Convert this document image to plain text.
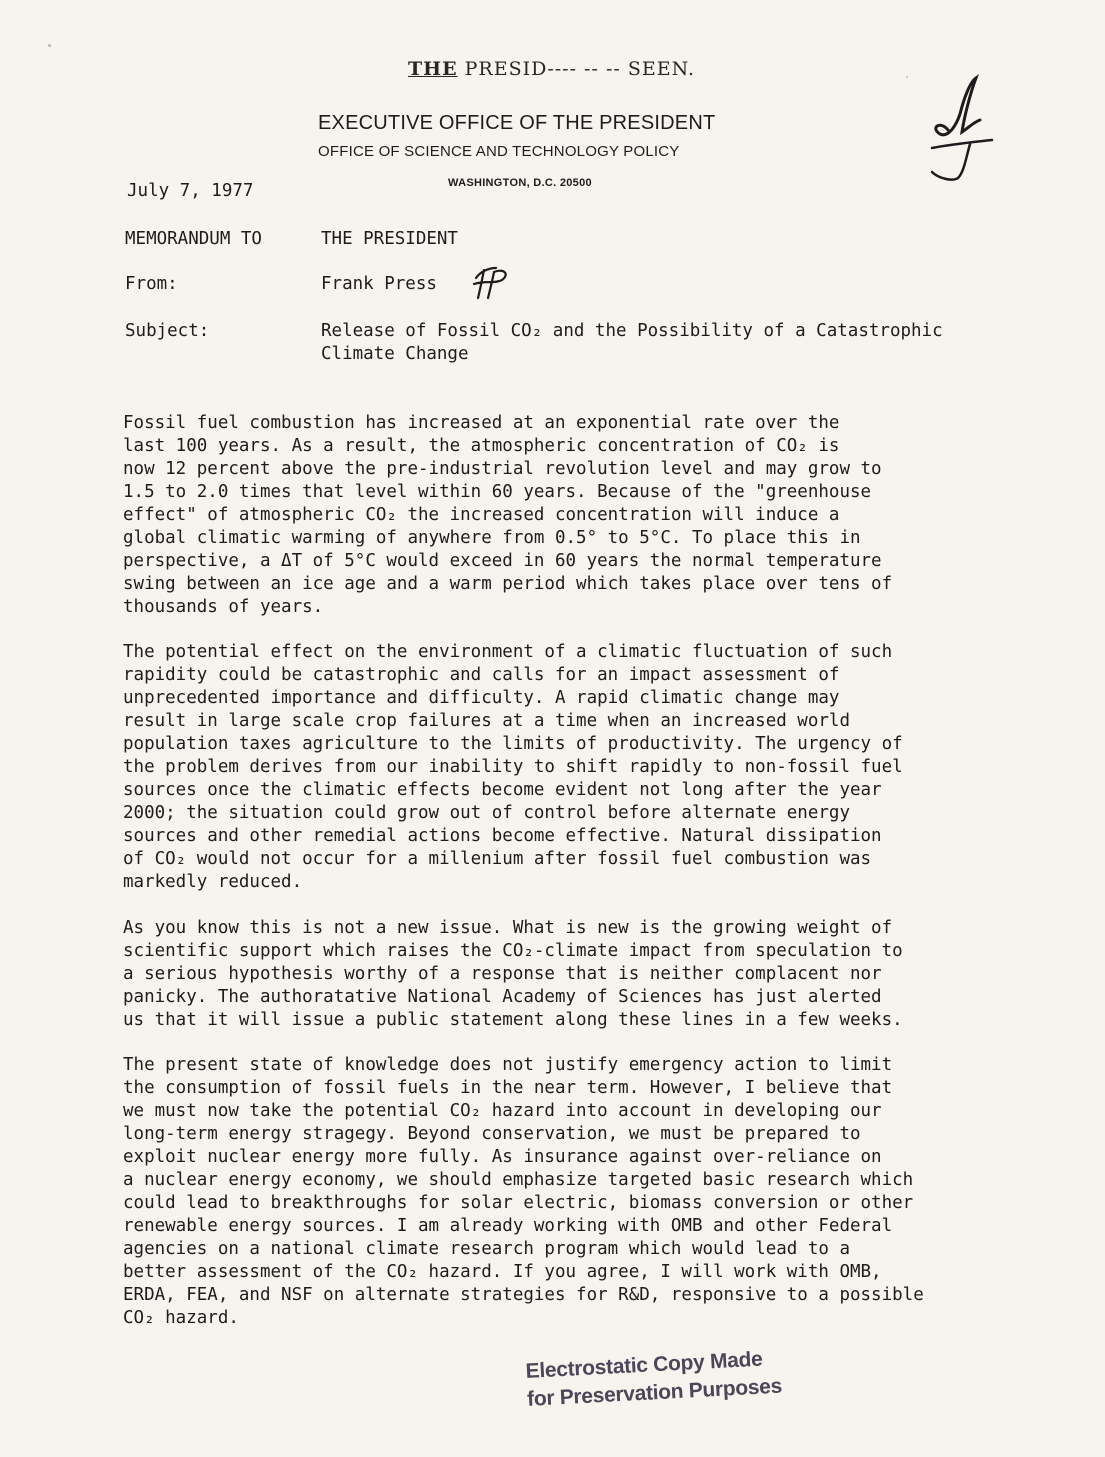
THE PRESID‐‐‐‐ ‐‐ ‐‐ SEEN.
EXECUTIVE OFFICE OF THE PRESIDENT
OFFICE OF SCIENCE AND TECHNOLOGY POLICY
WASHINGTON, D.C. 20500
July 7, 1977
MEMORANDUM TO	THE PRESIDENT
From:	Frank Press
Subject:	Release of Fossil CO₂ and the Possibility of a Catastrophic
Climate Change
Fossil fuel combustion has increased at an exponential rate over the
last 100 years. As a result, the atmospheric concentration of CO₂ is
now 12 percent above the pre-industrial revolution level and may grow to
1.5 to 2.0 times that level within 60 years. Because of the "greenhouse
effect" of atmospheric CO₂ the increased concentration will induce a
global climatic warming of anywhere from 0.5° to 5°C. To place this in
perspective, a ΔT of 5°C would exceed in 60 years the normal temperature
swing between an ice age and a warm period which takes place over tens of
thousands of years.
The potential effect on the environment of a climatic fluctuation of such
rapidity could be catastrophic and calls for an impact assessment of
unprecedented importance and difficulty. A rapid climatic change may
result in large scale crop failures at a time when an increased world
population taxes agriculture to the limits of productivity. The urgency of
the problem derives from our inability to shift rapidly to non-fossil fuel
sources once the climatic effects become evident not long after the year
2000; the situation could grow out of control before alternate energy
sources and other remedial actions become effective. Natural dissipation
of CO₂ would not occur for a millenium after fossil fuel combustion was
markedly reduced.
As you know this is not a new issue. What is new is the growing weight of
scientific support which raises the CO₂-climate impact from speculation to
a serious hypothesis worthy of a response that is neither complacent nor
panicky. The authoratative National Academy of Sciences has just alerted
us that it will issue a public statement along these lines in a few weeks.
The present state of knowledge does not justify emergency action to limit
the consumption of fossil fuels in the near term. However, I believe that
we must now take the potential CO₂ hazard into account in developing our
long-term energy stragegy. Beyond conservation, we must be prepared to
exploit nuclear energy more fully. As insurance against over-reliance on
a nuclear energy economy, we should emphasize targeted basic research which
could lead to breakthroughs for solar electric, biomass conversion or other
renewable energy sources. I am already working with OMB and other Federal
agencies on a national climate research program which would lead to a
better assessment of the CO₂ hazard. If you agree, I will work with OMB,
ERDA, FEA, and NSF on alternate strategies for R&D, responsive to a possible
CO₂ hazard.
Electrostatic Copy Made
for Preservation Purposes
